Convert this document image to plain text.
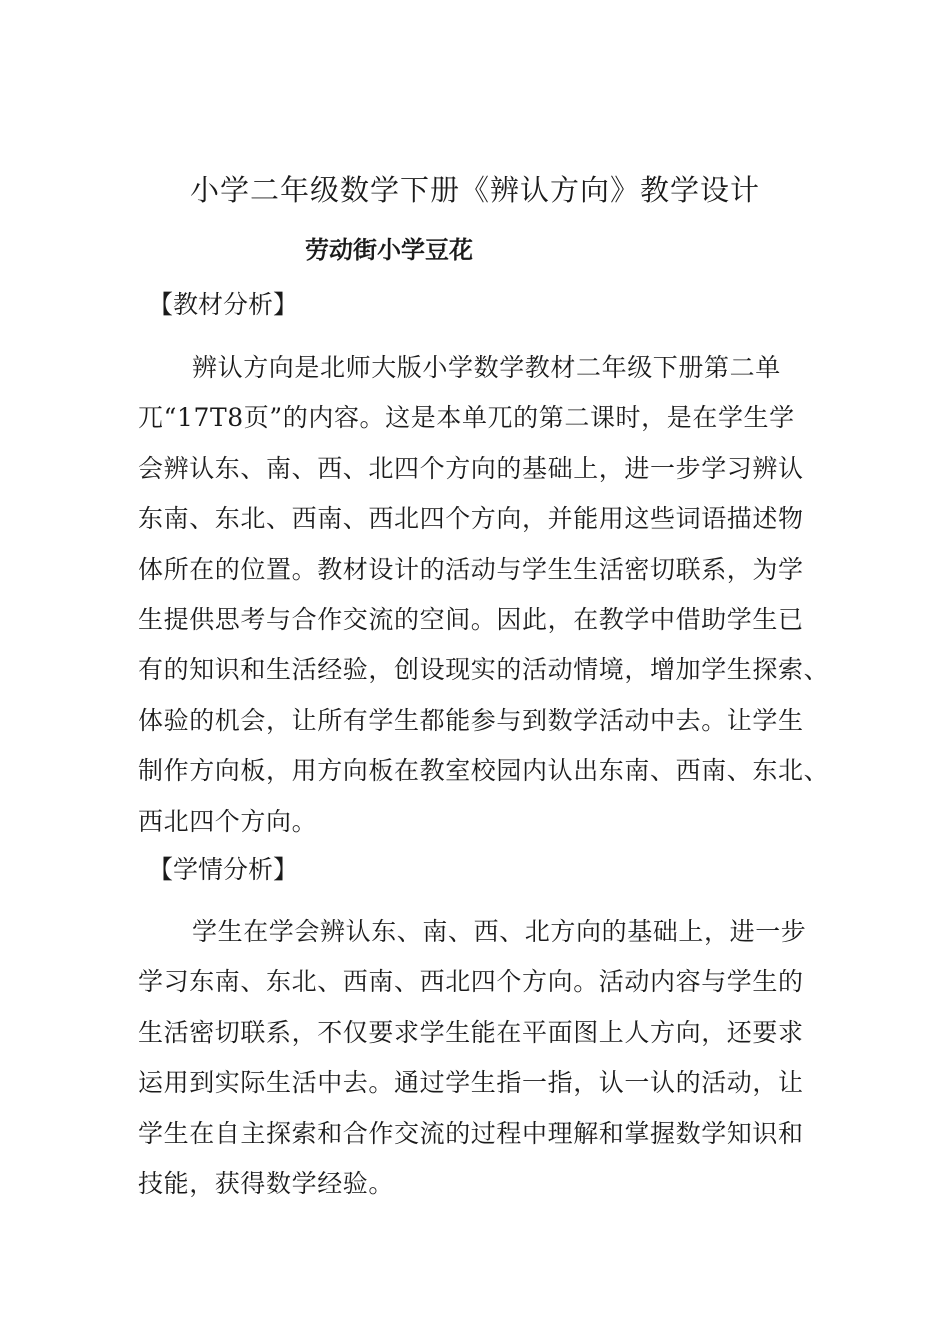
小学二年级数学下册《辨认方向》教学设计
劳动街小学豆花
【教材分析】
辨认方向是北师大版小学数学教材二年级下册第二单
兀“17T8页”的内容。这是本单兀的第二课时，是在学生学
会辨认东、南、西、北四个方向的基础上，进一步学习辨认
东南、东北、西南、西北四个方向，并能用这些词语描述物
体所在的位置。教材设计的活动与学生生活密切联系，为学
生提供思考与合作交流的空间。因此，在教学中借助学生已
有的知识和生活经验，创设现实的活动情境，增加学生探索、
体验的机会，让所有学生都能参与到数学活动中去。让学生
制作方向板，用方向板在教室校园内认出东南、西南、东北、
西北四个方向。
【学情分析】
学生在学会辨认东、南、西、北方向的基础上，进一步
学习东南、东北、西南、西北四个方向。活动内容与学生的
生活密切联系，不仅要求学生能在平面图上人方向，还要求
运用到实际生活中去。通过学生指一指，认一认的活动，让
学生在自主探索和合作交流的过程中理解和掌握数学知识和
技能，获得数学经验。
